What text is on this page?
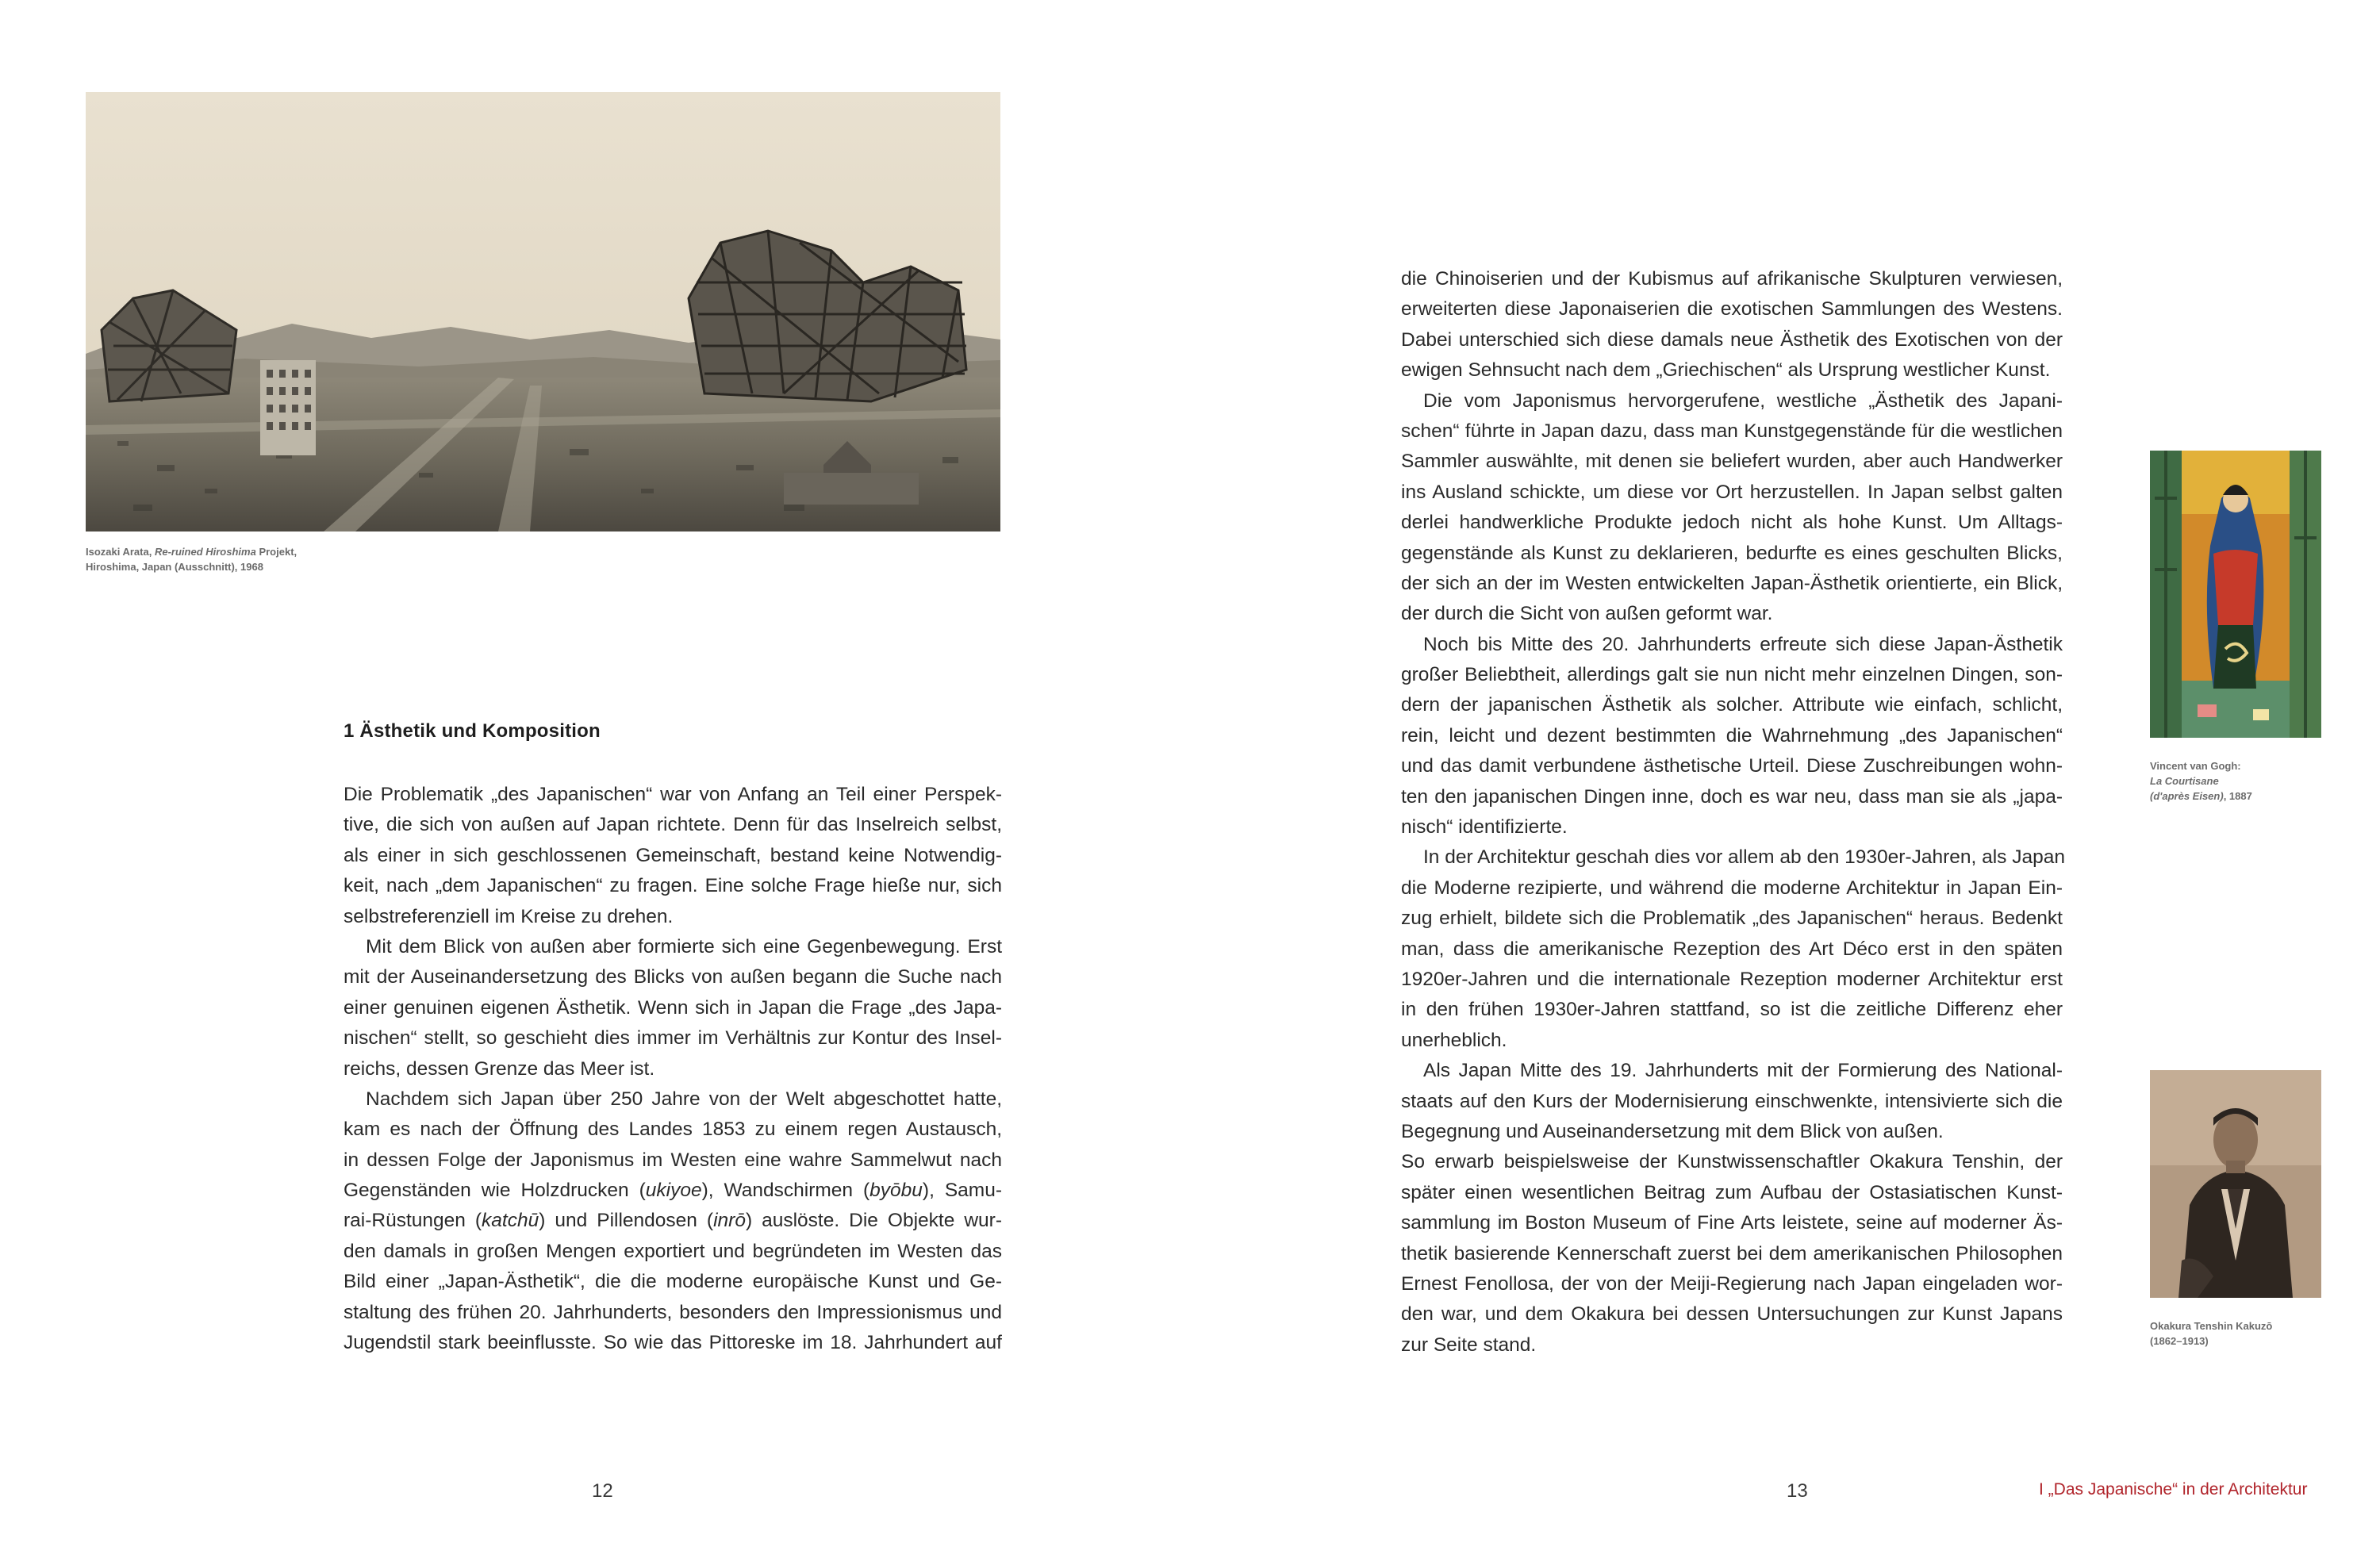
Isozaki Arata, Re-ruined Hiroshima Projekt,
Hiroshima, Japan (Ausschnitt), 1968
1 Ästhetik und Komposition
Die Problematik „des Japanischen“ war von Anfang an Teil einer Perspek-
tive, die sich von außen auf Japan richtete. Denn für das Inselreich selbst,
als einer in sich geschlossenen Gemeinschaft, bestand keine Notwendig-
keit, nach „dem Japanischen“ zu fragen. Eine solche Frage hieße nur, sich
selbstreferenziell im Kreise zu drehen.
Mit dem Blick von außen aber formierte sich eine Gegenbewegung. Erst
mit der Auseinandersetzung des Blicks von außen begann die Suche nach
einer genuinen eigenen Ästhetik. Wenn sich in Japan die Frage „des Japa-
nischen“ stellt, so geschieht dies immer im Verhältnis zur Kontur des Insel-
reichs, dessen Grenze das Meer ist.
Nachdem sich Japan über 250 Jahre von der Welt abgeschottet hatte,
kam es nach der Öffnung des Landes 1853 zu einem regen Austausch,
in dessen Folge der Japonismus im Westen eine wahre Sammelwut nach
Gegenständen wie Holzdrucken (ukiyoe), Wandschirmen (byōbu), Samu-
rai-Rüstungen (katchū) und Pillendosen (inrō) auslöste. Die Objekte wur-
den damals in großen Mengen exportiert und begründeten im Westen das
Bild einer „Japan-Ästhetik“, die die moderne europäische Kunst und Ge-
staltung des frühen 20. Jahrhunderts, besonders den Impressionismus und
Jugendstil stark beeinflusste. So wie das Pittoreske im 18. Jahrhundert auf
12
die Chinoiserien und der Kubismus auf afrikanische Skulpturen verwiesen,
erweiterten diese Japonaiserien die exotischen Sammlungen des Westens.
Dabei unterschied sich diese damals neue Ästhetik des Exotischen von der
ewigen Sehnsucht nach dem „Griechischen“ als Ursprung westlicher Kunst.
Die vom Japonismus hervorgerufene, westliche „Ästhetik des Japani-
schen“ führte in Japan dazu, dass man Kunstgegenstände für die westlichen
Sammler auswählte, mit denen sie beliefert wurden, aber auch Handwerker
ins Ausland schickte, um diese vor Ort herzustellen. In Japan selbst galten
derlei handwerkliche Produkte jedoch nicht als hohe Kunst. Um Alltags-
gegenstände als Kunst zu deklarieren, bedurfte es eines geschulten Blicks,
der sich an der im Westen entwickelten Japan-Ästhetik orientierte, ein Blick,
der durch die Sicht von außen geformt war.
Noch bis Mitte des 20. Jahrhunderts erfreute sich diese Japan-Ästhetik
großer Beliebtheit, allerdings galt sie nun nicht mehr einzelnen Dingen, son-
dern der japanischen Ästhetik als solcher. Attribute wie einfach, schlicht,
rein, leicht und dezent bestimmten die Wahrnehmung „des Japanischen“
und das damit verbundene ästhetische Urteil. Diese Zuschreibungen wohn-
ten den japanischen Dingen inne, doch es war neu, dass man sie als „japa-
nisch“ identifizierte.
In der Architektur geschah dies vor allem ab den 1930er-Jahren, als Japan
die Moderne rezipierte, und während die moderne Architektur in Japan Ein-
zug erhielt, bildete sich die Problematik „des Japanischen“ heraus. Bedenkt
man, dass die amerikanische Rezeption des Art Déco erst in den späten
1920er-Jahren und die internationale Rezeption moderner Architektur erst
in den frühen 1930er-Jahren stattfand, so ist die zeitliche Differenz eher
unerheblich.
Als Japan Mitte des 19. Jahrhunderts mit der Formierung des National-
staats auf den Kurs der Modernisierung einschwenkte, intensivierte sich die
Begegnung und Auseinandersetzung mit dem Blick von außen.
So erwarb beispielsweise der Kunstwissenschaftler Okakura Tenshin, der
später einen wesentlichen Beitrag zum Aufbau der Ostasiatischen Kunst-
sammlung im Boston Museum of Fine Arts leistete, seine auf moderner Äs-
thetik basierende Kennerschaft zuerst bei dem amerikanischen Philosophen
Ernest Fenollosa, der von der Meiji-Regierung nach Japan eingeladen wor-
den war, und dem Okakura bei dessen Untersuchungen zur Kunst Japans
zur Seite stand.
Vincent van Gogh:
La Courtisane
(d'après Eisen), 1887
Okakura Tenshin Kakuzō
(1862–1913)
13	I „Das Japanische“ in der Architektur
